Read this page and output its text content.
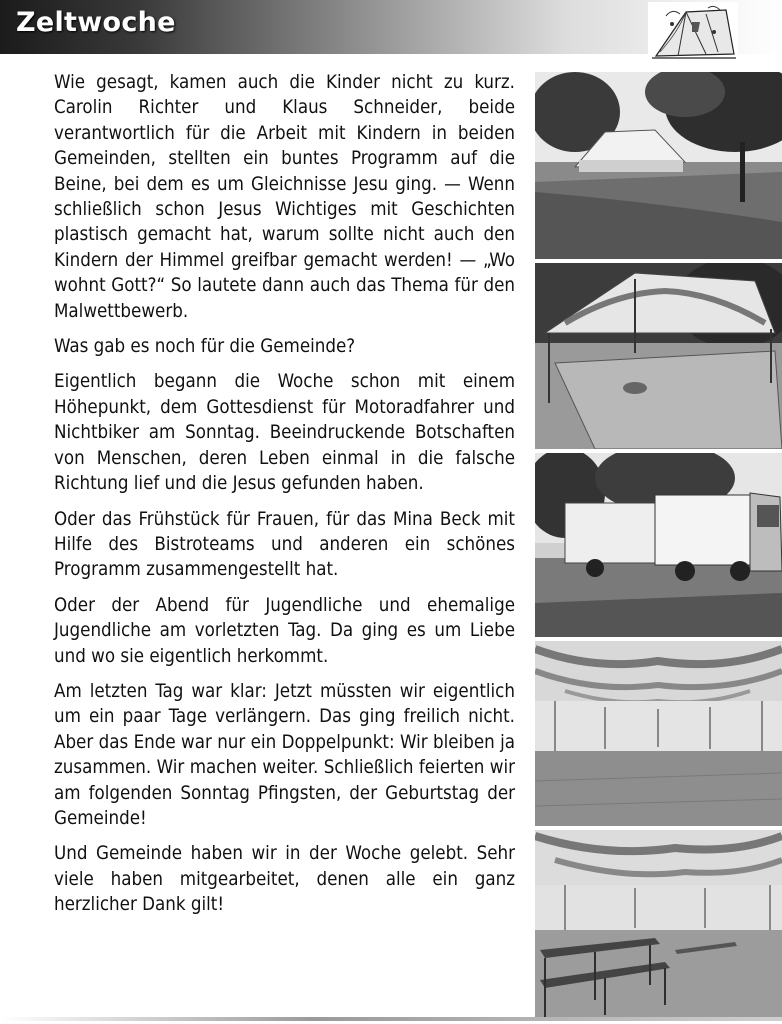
Zeltwoche

Wie gesagt, kamen auch die Kinder nicht zu kurz. Carolin Richter und Klaus Schneider, beide verantwortlich für die Arbeit mit Kindern in beiden Gemeinden, stellten ein buntes Programm auf die Beine, bei dem es um Gleichnisse Jesu ging. — Wenn schließlich schon Jesus Wichtiges mit Geschichten plastisch gemacht hat, warum sollte nicht auch den Kindern der Himmel greifbar gemacht werden! — „Wo wohnt Gott?“ So lautete dann auch das Thema für den Malwettbewerb.

Was gab es noch für die Gemeinde?

Eigentlich begann die Woche schon mit einem Höhepunkt, dem Gottesdienst für Motoradfahrer und Nichtbiker am Sonntag. Beeindruckende Botschaften von Menschen, deren Leben einmal in die falsche Richtung lief und die Jesus gefunden haben.

Oder das Frühstück für Frauen, für das Mina Beck mit Hilfe des Bistroteams und anderen ein schönes Programm zusammengestellt hat.

Oder der Abend für Jugendliche und ehemalige Jugendliche am vorletzten Tag. Da ging es um Liebe und wo sie eigentlich herkommt.

Am letzten Tag war klar: Jetzt müssten wir eigentlich um ein paar Tage verlängern. Das ging freilich nicht. Aber das Ende war nur ein Doppelpunkt: Wir bleiben ja zusammen. Wir machen weiter. Schließlich feierten wir am folgenden Sonntag Pfingsten, der Geburtstag der Gemeinde!

Und Gemeinde haben wir in der Woche gelebt. Sehr viele haben mitgearbeitet, denen alle ein ganz herzlicher Dank gilt!
